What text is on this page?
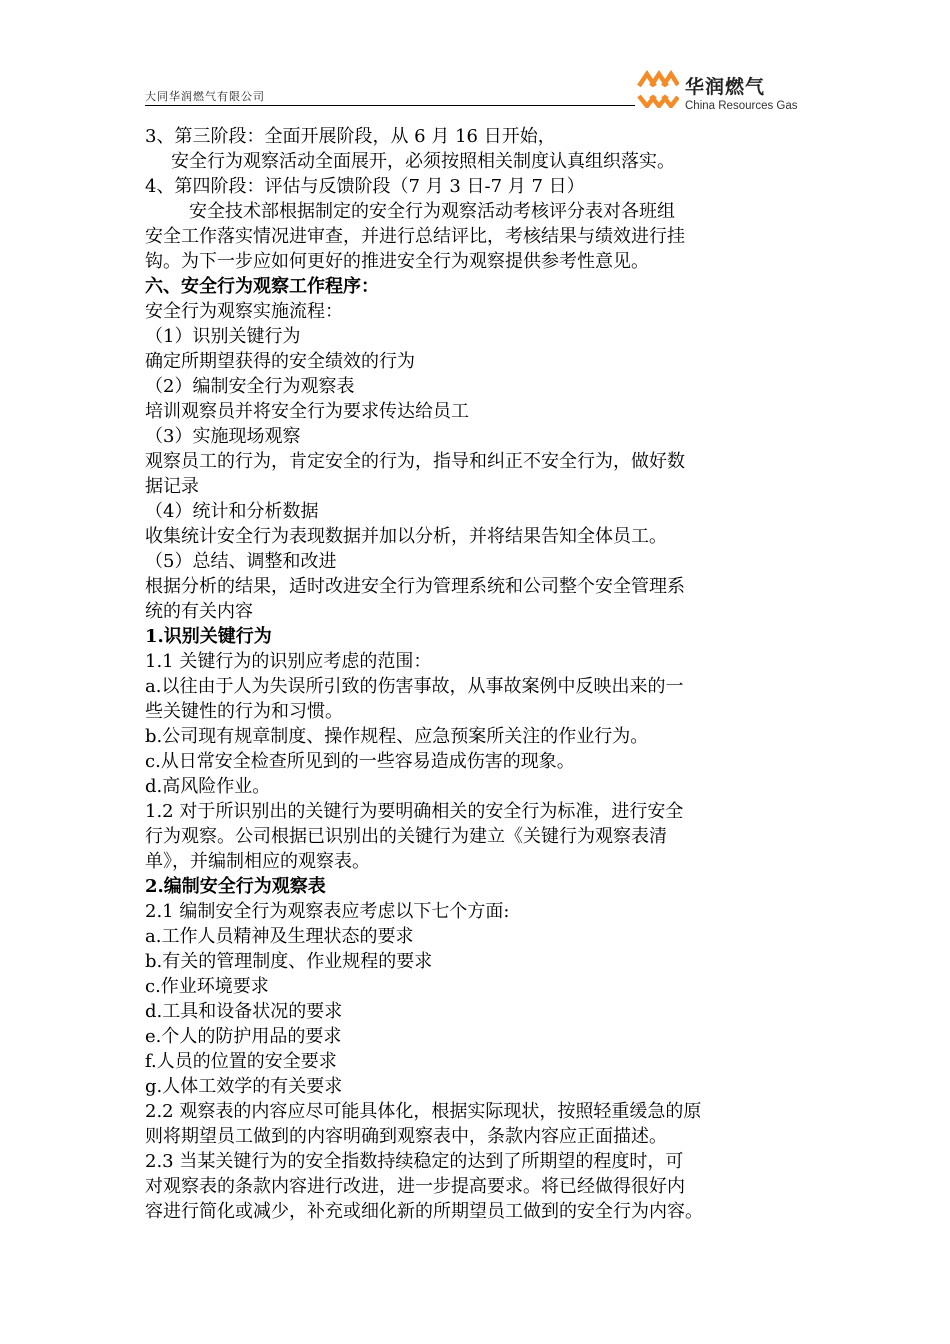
大同华润燃气有限公司	华润燃气
China Resources Gas

3、第三阶段：全面开展阶段，从 6 月 16 日开始，

安全行为观察活动全面展开，必须按照相关制度认真组织落实。

4、第四阶段：评估与反馈阶段（7 月 3 日-7 月 7 日）

安全技术部根据制定的安全行为观察活动考核评分表对各班组

安全工作落实情况进审查，并进行总结评比，考核结果与绩效进行挂

钩。为下一步应如何更好的推进安全行为观察提供参考性意见。

六、安全行为观察工作程序：

安全行为观察实施流程：

（1）识别关键行为

确定所期望获得的安全绩效的行为

（2）编制安全行为观察表

培训观察员并将安全行为要求传达给员工

（3）实施现场观察

观察员工的行为，肯定安全的行为，指导和纠正不安全行为，做好数

据记录

（4）统计和分析数据

收集统计安全行为表现数据并加以分析，并将结果告知全体员工。

（5）总结、调整和改进

根据分析的结果，适时改进安全行为管理系统和公司整个安全管理系

统的有关内容

1.识别关键行为

1.1 关键行为的识别应考虑的范围：

a.以往由于人为失误所引致的伤害事故，从事故案例中反映出来的一

些关键性的行为和习惯。

b.公司现有规章制度、操作规程、应急预案所关注的作业行为。

c.从日常安全检查所见到的一些容易造成伤害的现象。

d.高风险作业。

1.2 对于所识别出的关键行为要明确相关的安全行为标准，进行安全

行为观察。公司根据已识别出的关键行为建立《关键行为观察表清

单》，并编制相应的观察表。

2.编制安全行为观察表

2.1 编制安全行为观察表应考虑以下七个方面:

a.工作人员精神及生理状态的要求

b.有关的管理制度、作业规程的要求

c.作业环境要求

d.工具和设备状况的要求

e.个人的防护用品的要求

f.人员的位置的安全要求

g.人体工效学的有关要求

2.2 观察表的内容应尽可能具体化，根据实际现状，按照轻重缓急的原

则将期望员工做到的内容明确到观察表中，条款内容应正面描述。

2.3 当某关键行为的安全指数持续稳定的达到了所期望的程度时，可

对观察表的条款内容进行改进，进一步提高要求。将已经做得很好内

容进行简化或减少，补充或细化新的所期望员工做到的安全行为内容。
